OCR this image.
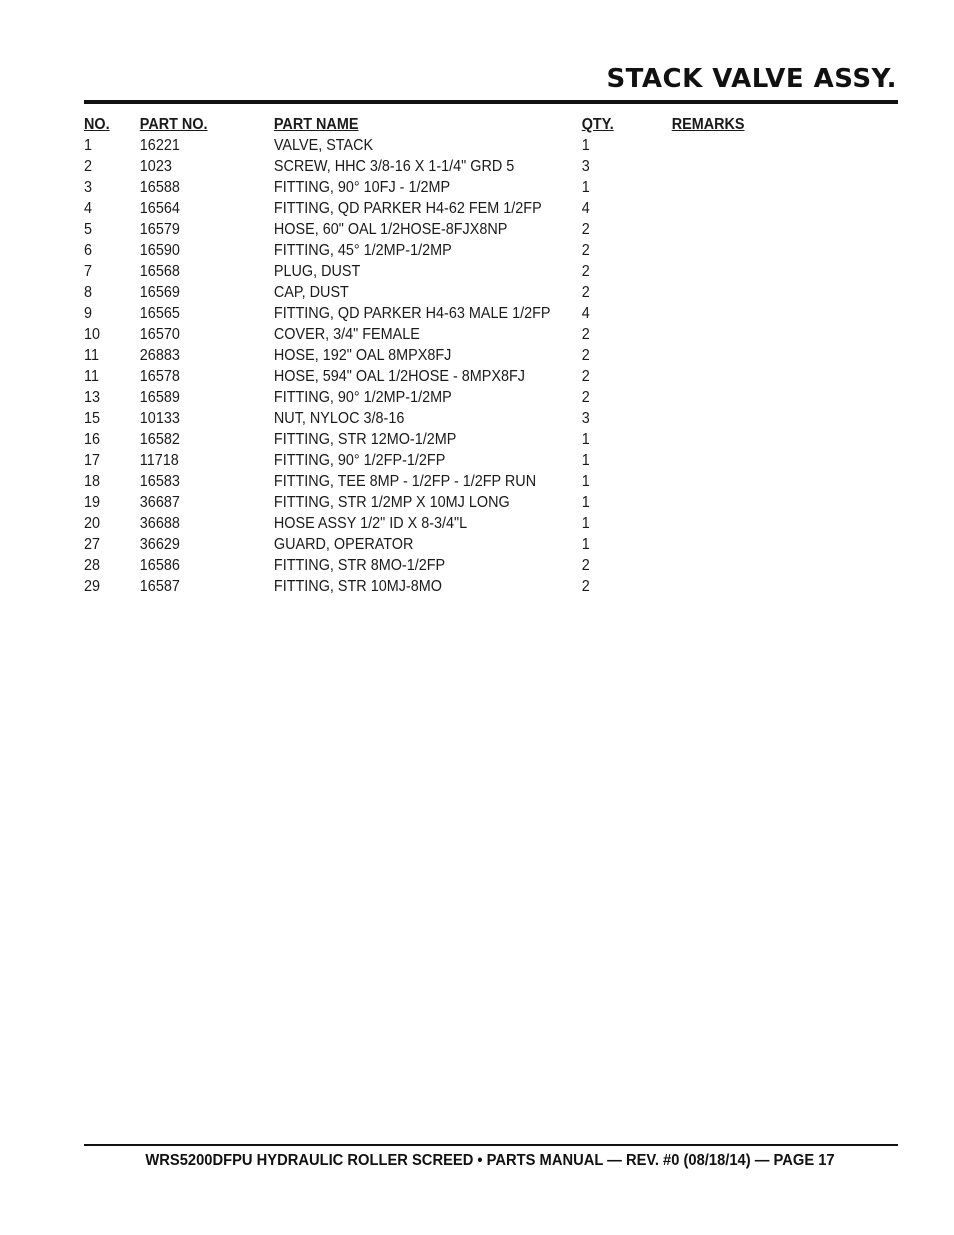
STACK VALVE ASSY.
NO.	PART NO.	PART NAME	QTY.	REMARKS
1	16221	VALVE, STACK	1	
2	1023	SCREW, HHC 3/8-16 X 1-1/4" GRD 5	3	
3	16588	FITTING, 90° 10FJ - 1/2MP	1	
4	16564	FITTING, QD PARKER H4-62 FEM 1/2FP	4	
5	16579	HOSE, 60" OAL 1/2HOSE-8FJX8NP	2	
6	16590	FITTING, 45° 1/2MP-1/2MP	2	
7	16568	PLUG, DUST	2	
8	16569	CAP, DUST	2	
9	16565	FITTING, QD PARKER H4-63 MALE 1/2FP	4	
10	16570	COVER, 3/4" FEMALE	2	
11	26883	HOSE, 192" OAL 8MPX8FJ	2	
11	16578	HOSE, 594" OAL 1/2HOSE - 8MPX8FJ	2	
13	16589	FITTING, 90° 1/2MP-1/2MP	2	
15	10133	NUT, NYLOC 3/8-16	3	
16	16582	FITTING, STR 12MO-1/2MP	1	
17	11718	FITTING, 90° 1/2FP-1/2FP	1	
18	16583	FITTING, TEE 8MP - 1/2FP - 1/2FP RUN	1	
19	36687	FITTING, STR 1/2MP X 10MJ LONG	1	
20	36688	HOSE ASSY 1/2" ID X 8-3/4"L	1	
27	36629	GUARD, OPERATOR	1	
28	16586	FITTING, STR 8MO-1/2FP	2	
29	16587	FITTING, STR 10MJ-8MO	2	
WRS5200DFPU HYDRAULIC ROLLER SCREED • PARTS MANUAL — REV. #0 (08/18/14) — PAGE 17
